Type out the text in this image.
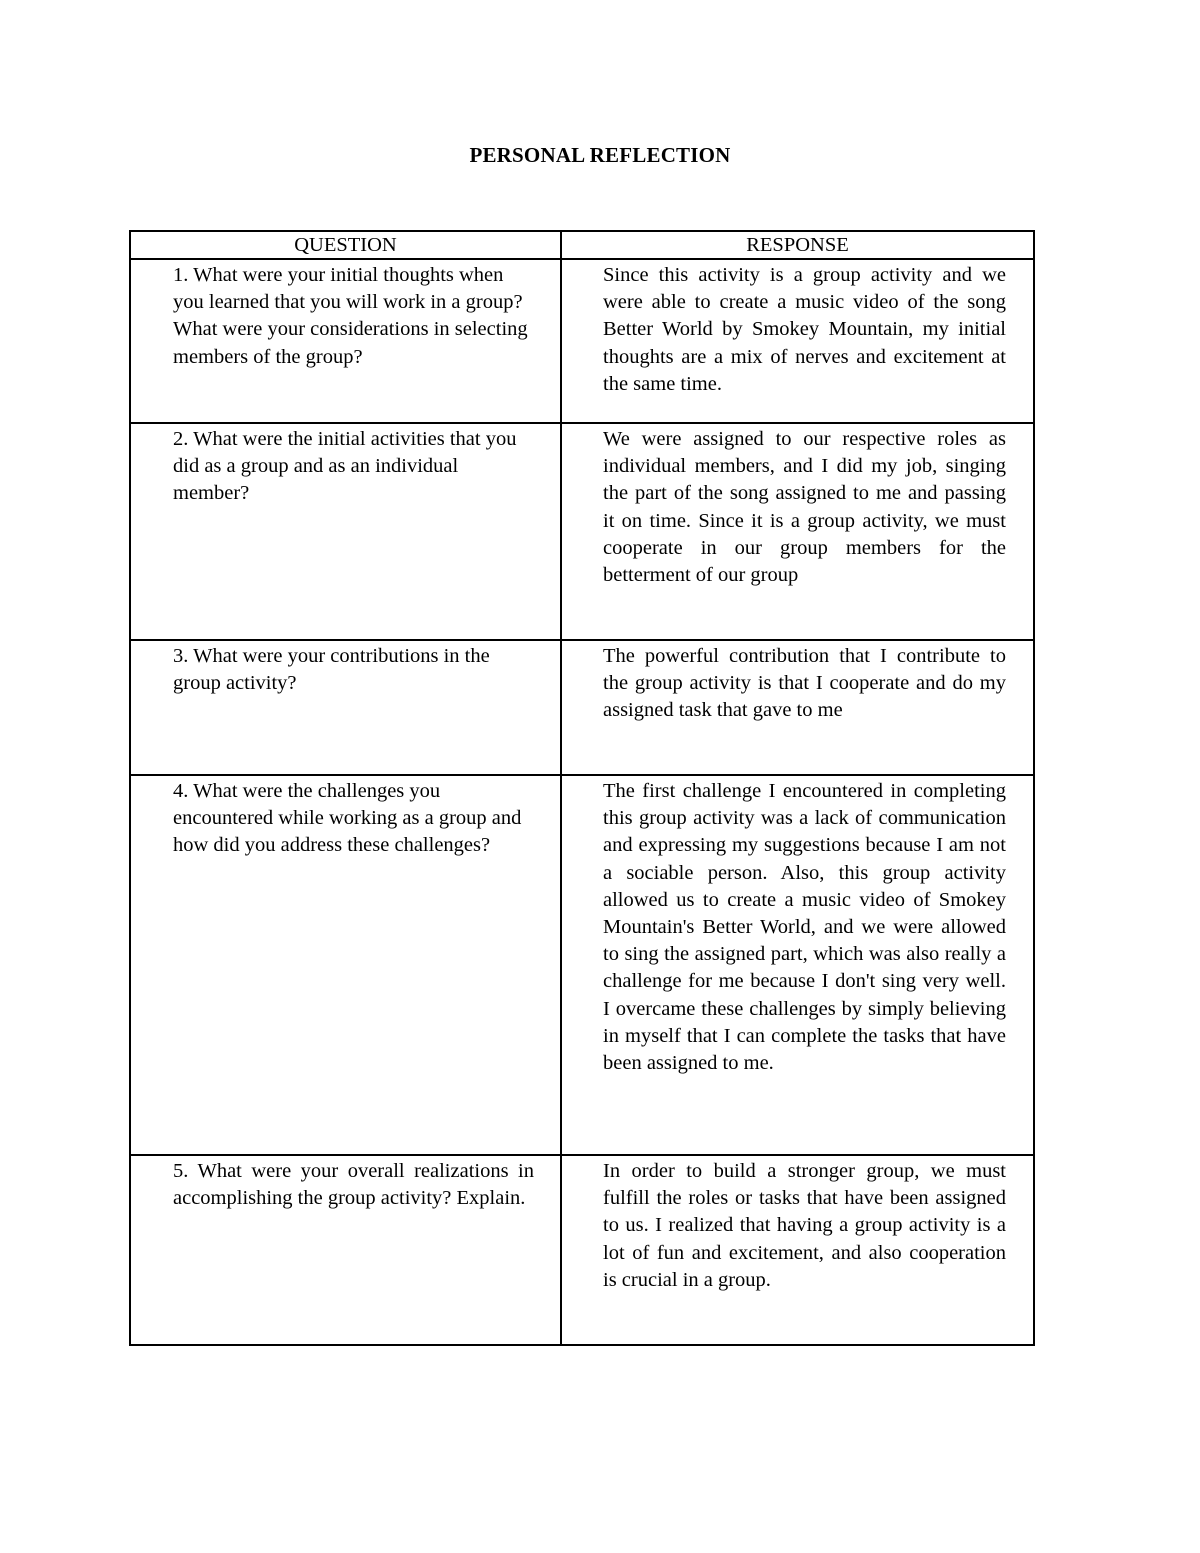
PERSONAL REFLECTION
QUESTION	RESPONSE
1. What were your initial thoughts when you learned that you will work in a group? What were your considerations in selecting members of the group?	Since this activity is a group activity and we were able to create a music video of the song Better World by Smokey Mountain, my initial thoughts are a mix of nerves and excitement at the same time.
2. What were the initial activities that you did as a group and as an individual member?	We were assigned to our respective roles as individual members, and I did my job, singing the part of the song assigned to me and passing it on time. Since it is a group activity, we must cooperate in our group members for the betterment of our group
3. What were your contributions in the group activity?	The powerful contribution that I contribute to the group activity is that I cooperate and do my assigned task that gave to me
4. What were the challenges you encountered while working as a group and how did you address these challenges?	The first challenge I encountered in completing this group activity was a lack of communication and expressing my suggestions because I am not a sociable person. Also, this group activity allowed us to create a music video of Smokey Mountain's Better World, and we were allowed to sing the assigned part, which was also really a challenge for me because I don't sing very well. I overcame these challenges by simply believing in myself that I can complete the tasks that have been assigned to me.
5. What were your overall realizations in accomplishing the group activity? Explain.	In order to build a stronger group, we must fulfill the roles or tasks that have been assigned to us. I realized that having a group activity is a lot of fun and excitement, and also cooperation is crucial in a group.
